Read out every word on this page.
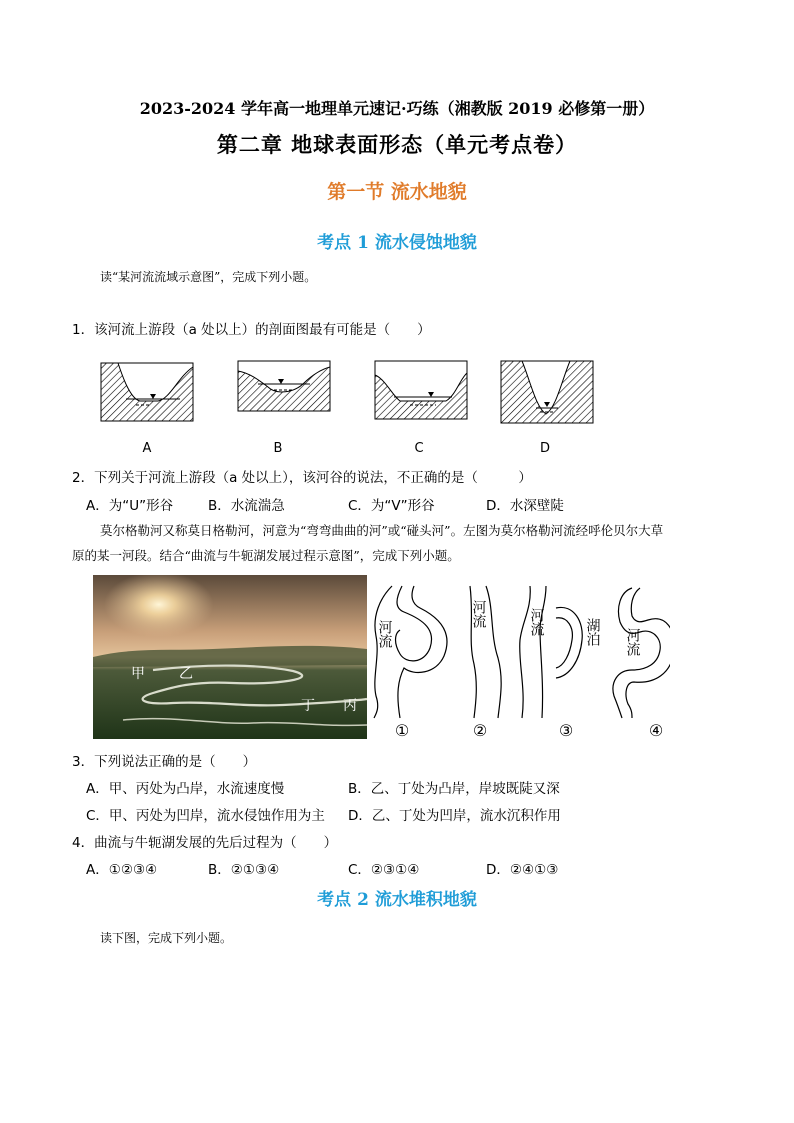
2023-2024 学年高一地理单元速记·巧练（湘教版 2019 必修第一册）
第二章 地球表面形态（单元考点卷）
第一节 流水地貌
考点 1 流水侵蚀地貌
读“某河流流域示意图”，完成下列小题。
1．该河流上游段（a 处以上）的剖面图最有可能是（　　）
A	B	C	D
2．下列关于河流上游段（a 处以上），该河谷的说法，不正确的是（　　　）
A．为“U”形谷	B．水流湍急	C．为“V”形谷	D．水深壁陡
莫尔格勒河又称莫日格勒河，河意为“弯弯曲曲的河”或“碰头河”。左图为莫尔格勒河流经呼伦贝尔大草
原的某一河段。结合“曲流与牛轭湖发展过程示意图”，完成下列小题。
甲 乙
丁 丙
河流
河流	河流	湖泊 河流
①	②	③	④
3．下列说法正确的是（　　）
A．甲、丙处为凸岸，水流速度慢	B．乙、丁处为凸岸，岸坡既陡又深
C．甲、丙处为凹岸，流水侵蚀作用为主 D．乙、丁处为凹岸，流水沉积作用
4．曲流与牛轭湖发展的先后过程为（　　）
A．①②③④	B．②①③④	C．②③①④	D．②④①③
考点 2 流水堆积地貌
读下图，完成下列小题。
